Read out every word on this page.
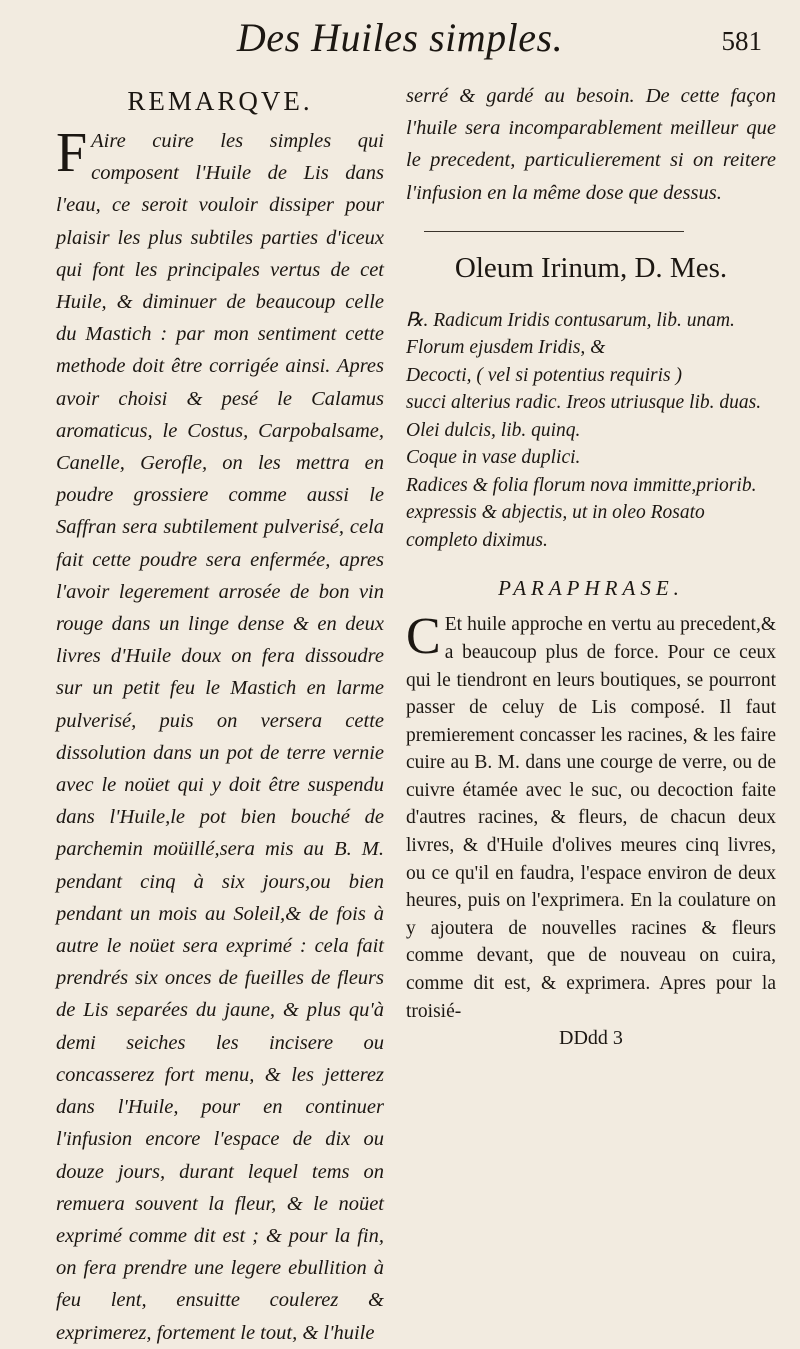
Des Huiles simples.	581
REMARQVE.

F Aire cuire les simples qui composent l'Huile de Lis dans l'eau, ce seroit vouloir dissiper pour plaisir les plus subtiles parties d'iceux qui font les principales vertus de cet Huile, & diminuer de beaucoup celle du Mastich : par mon sentiment cette methode doit être corrigée ainsi. Apres avoir choisi & pesé le Calamus aromaticus, le Costus, Carpobalsame, Canelle, Gerofle, on les mettra en poudre grossiere comme aussi le Saffran sera subtilement pulverisé, cela fait cette poudre sera enfermée, apres l'avoir legerement arrosée de bon vin rouge dans un linge dense & en deux livres d'Huile doux on fera dissoudre sur un petit feu le Mastich en larme pulverisé, puis on versera cette dissolution dans un pot de terre vernie avec le noüet qui y doit être suspendu dans l'Huile,le pot bien bouché de parchemin moüillé,sera mis au B. M. pendant cinq à six jours,ou bien pendant un mois au Soleil,& de fois à autre le noüet sera exprimé : cela fait prendrés six onces de fueilles de fleurs de Lis separées du jaune, & plus qu'à demi seiches les incisere ou concasserez fort menu, & les jetterez dans l'Huile, pour en continuer l'infusion encore l'espace de dix ou douze jours, durant lequel tems on remuera souvent la fleur, & le noüet exprimé comme dit est ; & pour la fin, on fera prendre une legere ebullition à feu lent, ensuitte coulerez & exprimerez, fortement le tout, & l'huile

serré & gardé au besoin. De cette façon l'huile sera incomparablement meilleur que le precedent, particulierement si on reitere l'infusion en la même dose que dessus.

Oleum Irinum, D. Mes.

℞. Radicum Iridis contusarum, lib. unam.

Florum ejusdem Iridis, &

Decocti, ( vel si potentius requiris )

succi alterius radic. Ireos utriusque lib. duas.

Olei dulcis, lib. quinq.

Coque in vase duplici.

Radices & folia florum nova immitte,priorib. expressis & abjectis, ut in oleo Rosato completo diximus.

PARAPHRASE.

C Et huile approche en vertu au precedent,& a beaucoup plus de force. Pour ce ceux qui le tiendront en leurs boutiques, se pourront passer de celuy de Lis composé. Il faut premierement concasser les racines, & les faire cuire au B. M. dans une courge de verre, ou de cuivre étamée avec le suc, ou decoction faite d'autres racines, & fleurs, de chacun deux livres, & d'Huile d'olives meures cinq livres, ou ce qu'il en faudra, l'espace environ de deux heures, puis on l'exprimera. En la coulature on y ajoutera de nouvelles racines & fleurs comme devant, que de nouveau on cuira, comme dit est, & exprimera. Apres pour la troisié-

DDdd 3
